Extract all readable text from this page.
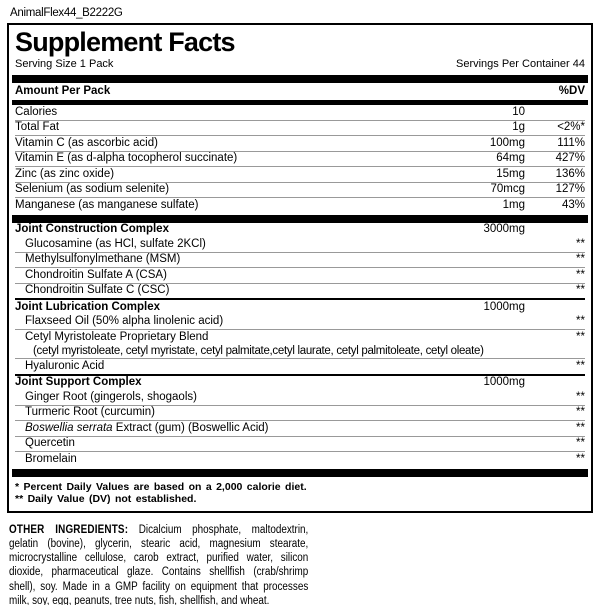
AnimalFlex44_B2222G
Supplement Facts
Serving Size 1 Pack	Servings Per Container 44
Amount Per Pack	%DV
Calories	10
Total Fat	1g	<2%*
Vitamin C (as ascorbic acid)	100mg	111%
Vitamin E (as d-alpha tocopherol succinate)	64mg	427%
Zinc (as zinc oxide)	15mg	136%
Selenium (as sodium selenite)	70mcg	127%
Manganese (as manganese sulfate)	1mg	43%
Joint Construction Complex	3000mg
Glucosamine (as HCl, sulfate 2KCl)	**
Methylsulfonylmethane (MSM)	**
Chondroitin Sulfate A (CSA)	**
Chondroitin Sulfate C (CSC)	**
Joint Lubrication Complex	1000mg
Flaxseed Oil (50% alpha linolenic acid)	**
Cetyl Myristoleate Proprietary Blend	**
(cetyl myristoleate, cetyl myristate, cetyl palmitate,cetyl laurate, cetyl palmitoleate, cetyl oleate)
Hyaluronic Acid	**
Joint Support Complex	1000mg
Ginger Root (gingerols, shogaols)	**
Turmeric Root (curcumin)	**
Boswellia serrata Extract (gum) (Boswellic Acid)	**
Quercetin	**
Bromelain	**
* Percent Daily Values are based on a 2,000 calorie diet.
** Daily Value (DV) not established.

OTHER INGREDIENTS: Dicalcium phosphate, maltodextrin, gelatin (bovine), glycerin, stearic acid, magnesium stearate, microcrystalline cellulose, carob extract, purified water, silicon dioxide, pharmaceutical glaze. Contains shellfish (crab/shrimp shell), soy. Made in a GMP facility on equipment that processes milk, soy, egg, peanuts, tree nuts, fish, shellfish, and wheat.
